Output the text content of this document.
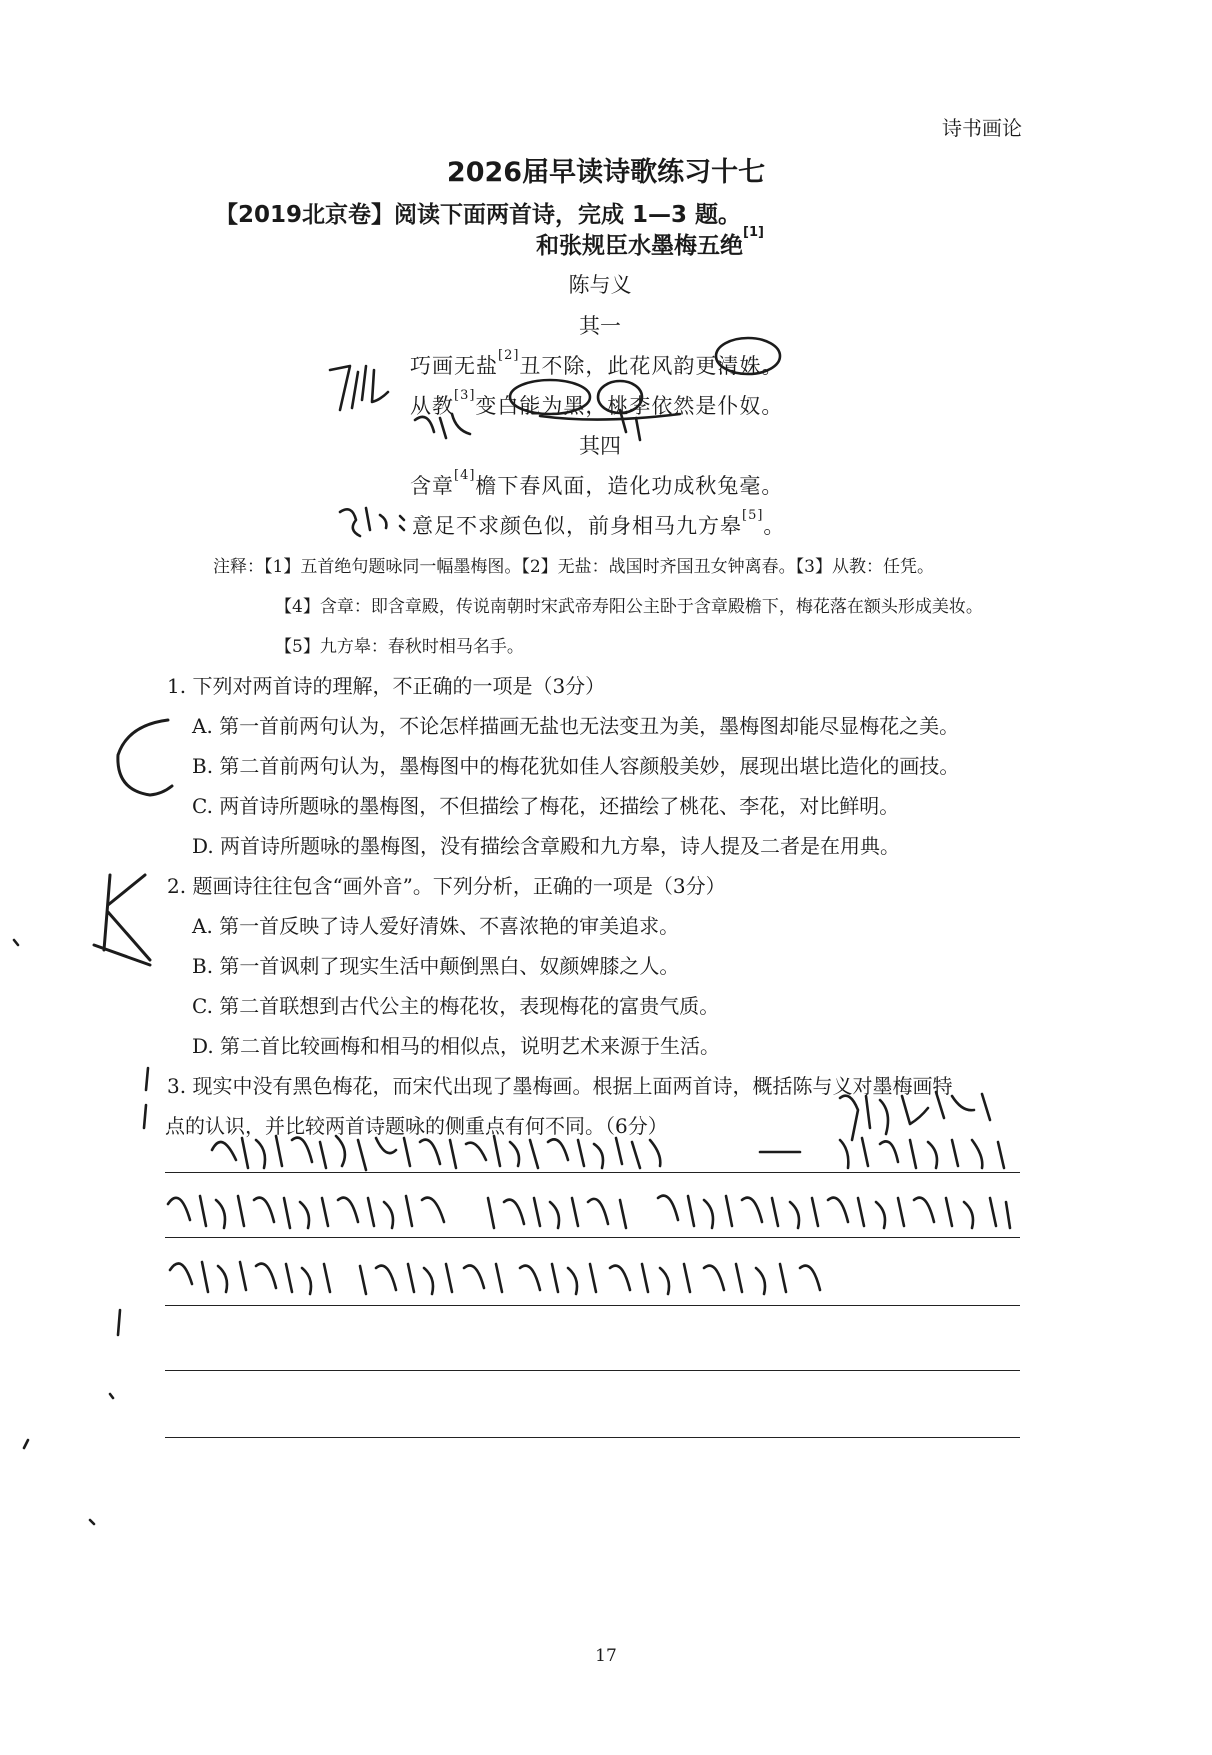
诗书画论
2026届早读诗歌练习十七
【2019北京卷】阅读下面两首诗，完成 1—3 题。
和张规臣水墨梅五绝[1]
陈与义
其一
巧画无盐[2]丑不除，此花风韵更清姝。
从教[3]变白能为黑，桃李依然是仆奴。
其四
含章[4]檐下春风面，造化功成秋兔毫。
意足不求颜色似，前身相马九方皋[5]。
注释：【1】五首绝句题咏同一幅墨梅图。【2】无盐：战国时齐国丑女钟离春。【3】从教：任凭。
【4】含章：即含章殿，传说南朝时宋武帝寿阳公主卧于含章殿檐下，梅花落在额头形成美妆。
【5】九方皋：春秋时相马名手。
1. 下列对两首诗的理解，不正确的一项是（3分）
A. 第一首前两句认为，不论怎样描画无盐也无法变丑为美，墨梅图却能尽显梅花之美。
B. 第二首前两句认为，墨梅图中的梅花犹如佳人容颜般美妙，展现出堪比造化的画技。
C. 两首诗所题咏的墨梅图，不但描绘了梅花，还描绘了桃花、李花，对比鲜明。
D. 两首诗所题咏的墨梅图，没有描绘含章殿和九方皋，诗人提及二者是在用典。
2. 题画诗往往包含“画外音”。下列分析，正确的一项是（3分）
A. 第一首反映了诗人爱好清姝、不喜浓艳的审美追求。
B. 第一首讽刺了现实生活中颠倒黑白、奴颜婢膝之人。
C. 第二首联想到古代公主的梅花妆，表现梅花的富贵气质。
D. 第二首比较画梅和相马的相似点，说明艺术来源于生活。
3. 现实中没有黑色梅花，而宋代出现了墨梅画。根据上面两首诗，概括陈与义对墨梅画特
点的认识，并比较两首诗题咏的侧重点有何不同。（6分）
17
